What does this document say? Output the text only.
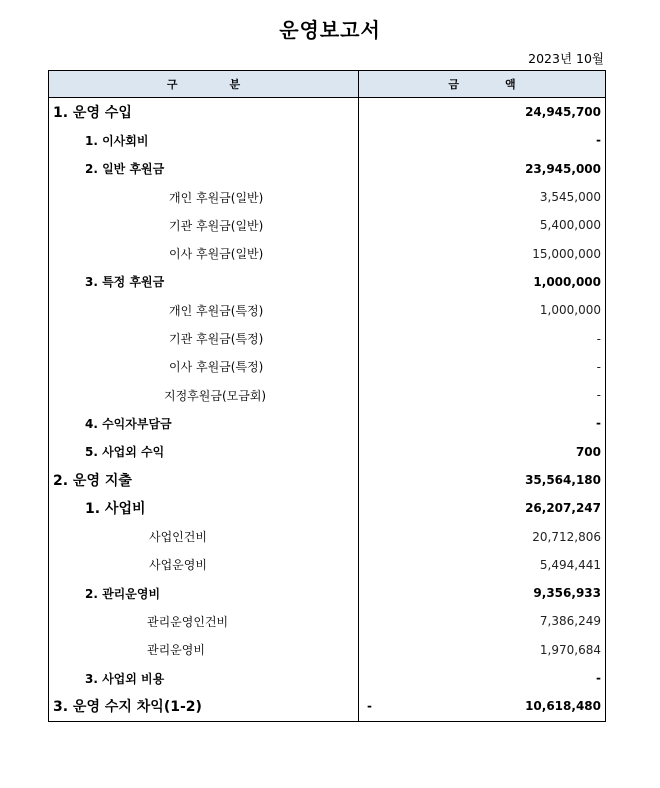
운영보고서
2023년 10월
구 분	금 액
1. 운영 수입	24,945,700
1. 이사회비	-
2. 일반 후원금	23,945,000
개인 후원금(일반)	3,545,000
기관 후원금(일반)	5,400,000
이사 후원금(일반)	15,000,000
3. 특정 후원금	1,000,000
개인 후원금(특정)	1,000,000
기관 후원금(특정)	-
이사 후원금(특정)	-
지정후원금(모금회)	-
4. 수익자부담금	-
5. 사업외 수익	700
2. 운영 지출	35,564,180
1. 사업비	26,207,247
사업인건비	20,712,806
사업운영비	5,494,441
2. 관리운영비	9,356,933
관리운영인건비	7,386,249
관리운영비	1,970,684
3. 사업외 비용	-
3. 운영 수지 차익(1-2)	- 10,618,480
